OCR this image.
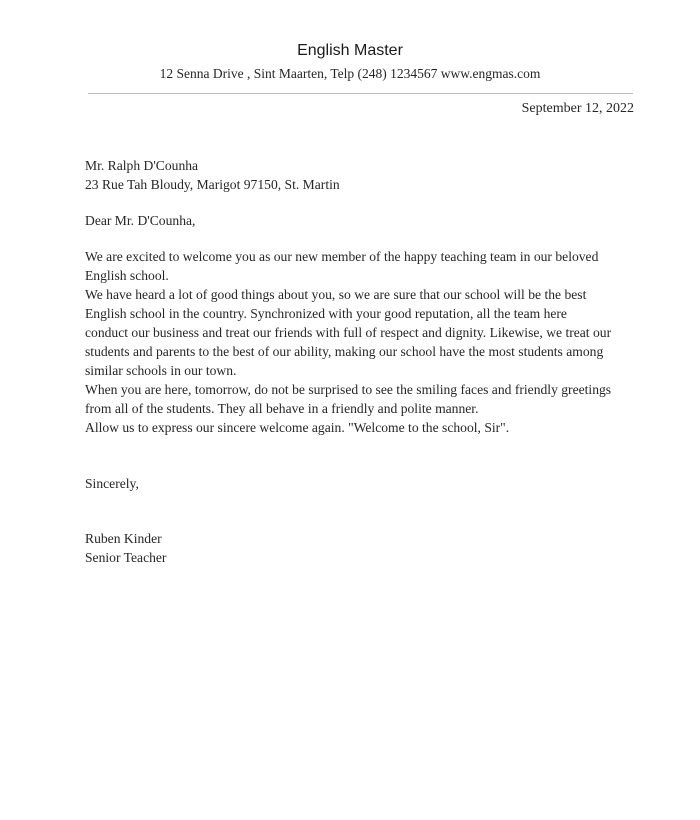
English Master
12 Senna Drive , Sint Maarten, Telp (248) 1234567 www.engmas.com
September 12, 2022
Mr. Ralph D'Counha
23 Rue Tah Bloudy, Marigot 97150, St. Martin
Dear Mr. D'Counha,
We are excited to welcome you as our new member of the happy teaching team in our beloved
English school.
We have heard a lot of good things about you, so we are sure that our school will be the best
English school in the country. Synchronized with your good reputation, all the team here
conduct our business and treat our friends with full of respect and dignity. Likewise, we treat our
students and parents to the best of our ability, making our school have the most students among
similar schools in our town.
When you are here, tomorrow, do not be surprised to see the smiling faces and friendly greetings
from all of the students. They all behave in a friendly and polite manner.
Allow us to express our sincere welcome again. "Welcome to the school, Sir".
Sincerely,
Ruben Kinder
Senior Teacher
